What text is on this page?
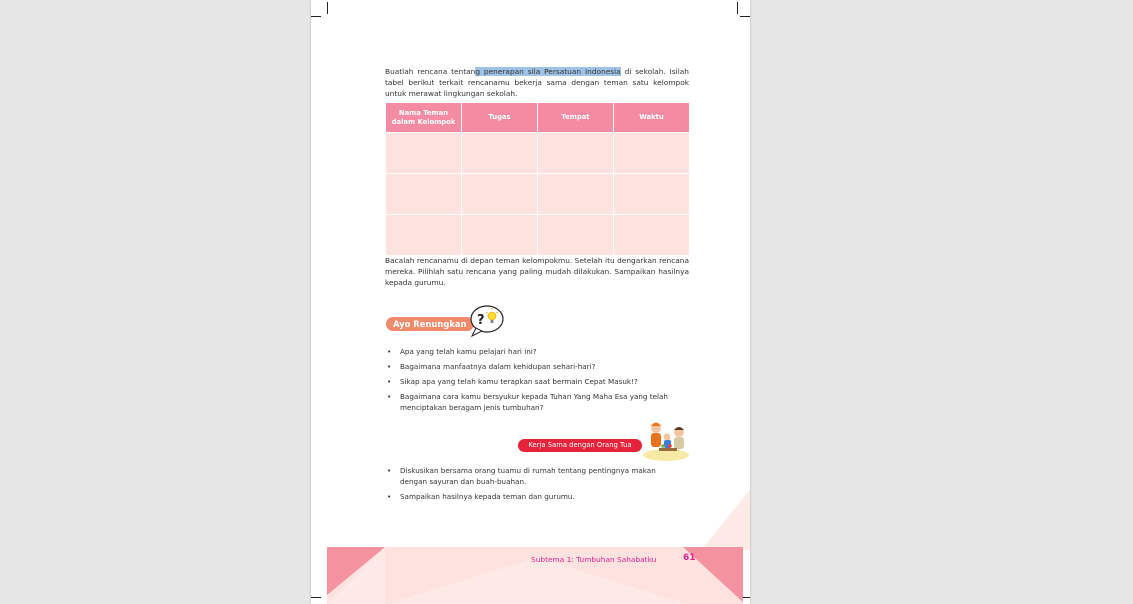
Buatlah rencana tentang penerapan sila Persatuan Indonesia di sekolah. Isilah tabel berikut terkait rencanamu bekerja sama dengan teman satu kelompok untuk merawat lingkungan sekolah.
Nama Teman dalam Kelompok	Tugas	Tempat	Waktu

Bacalah rencanamu di depan teman kelompokmu. Setelah itu dengarkan rencana mereka. Pilihlah satu rencana yang paling mudah dilakukan. Sampaikan hasilnya kepada gurumu.
Ayo Renungkan ?
• Apa yang telah kamu pelajari hari ini?
• Bagaimana manfaatnya dalam kehidupan sehari-hari?
• Sikap apa yang telah kamu terapkan saat bermain Cepat Masuk!?
• Bagaimana cara kamu bersyukur kepada Tuhan Yang Maha Esa yang telah menciptakan beragam jenis tumbuhan?
Kerja Sama dengan Orang Tua
• Diskusikan bersama orang tuamu di rumah tentang pentingnya makan dengan sayuran dan buah-buahan.
• Sampaikan hasilnya kepada teman dan gurumu.
Subtema 1: Tumbuhan Sahabatku	61
